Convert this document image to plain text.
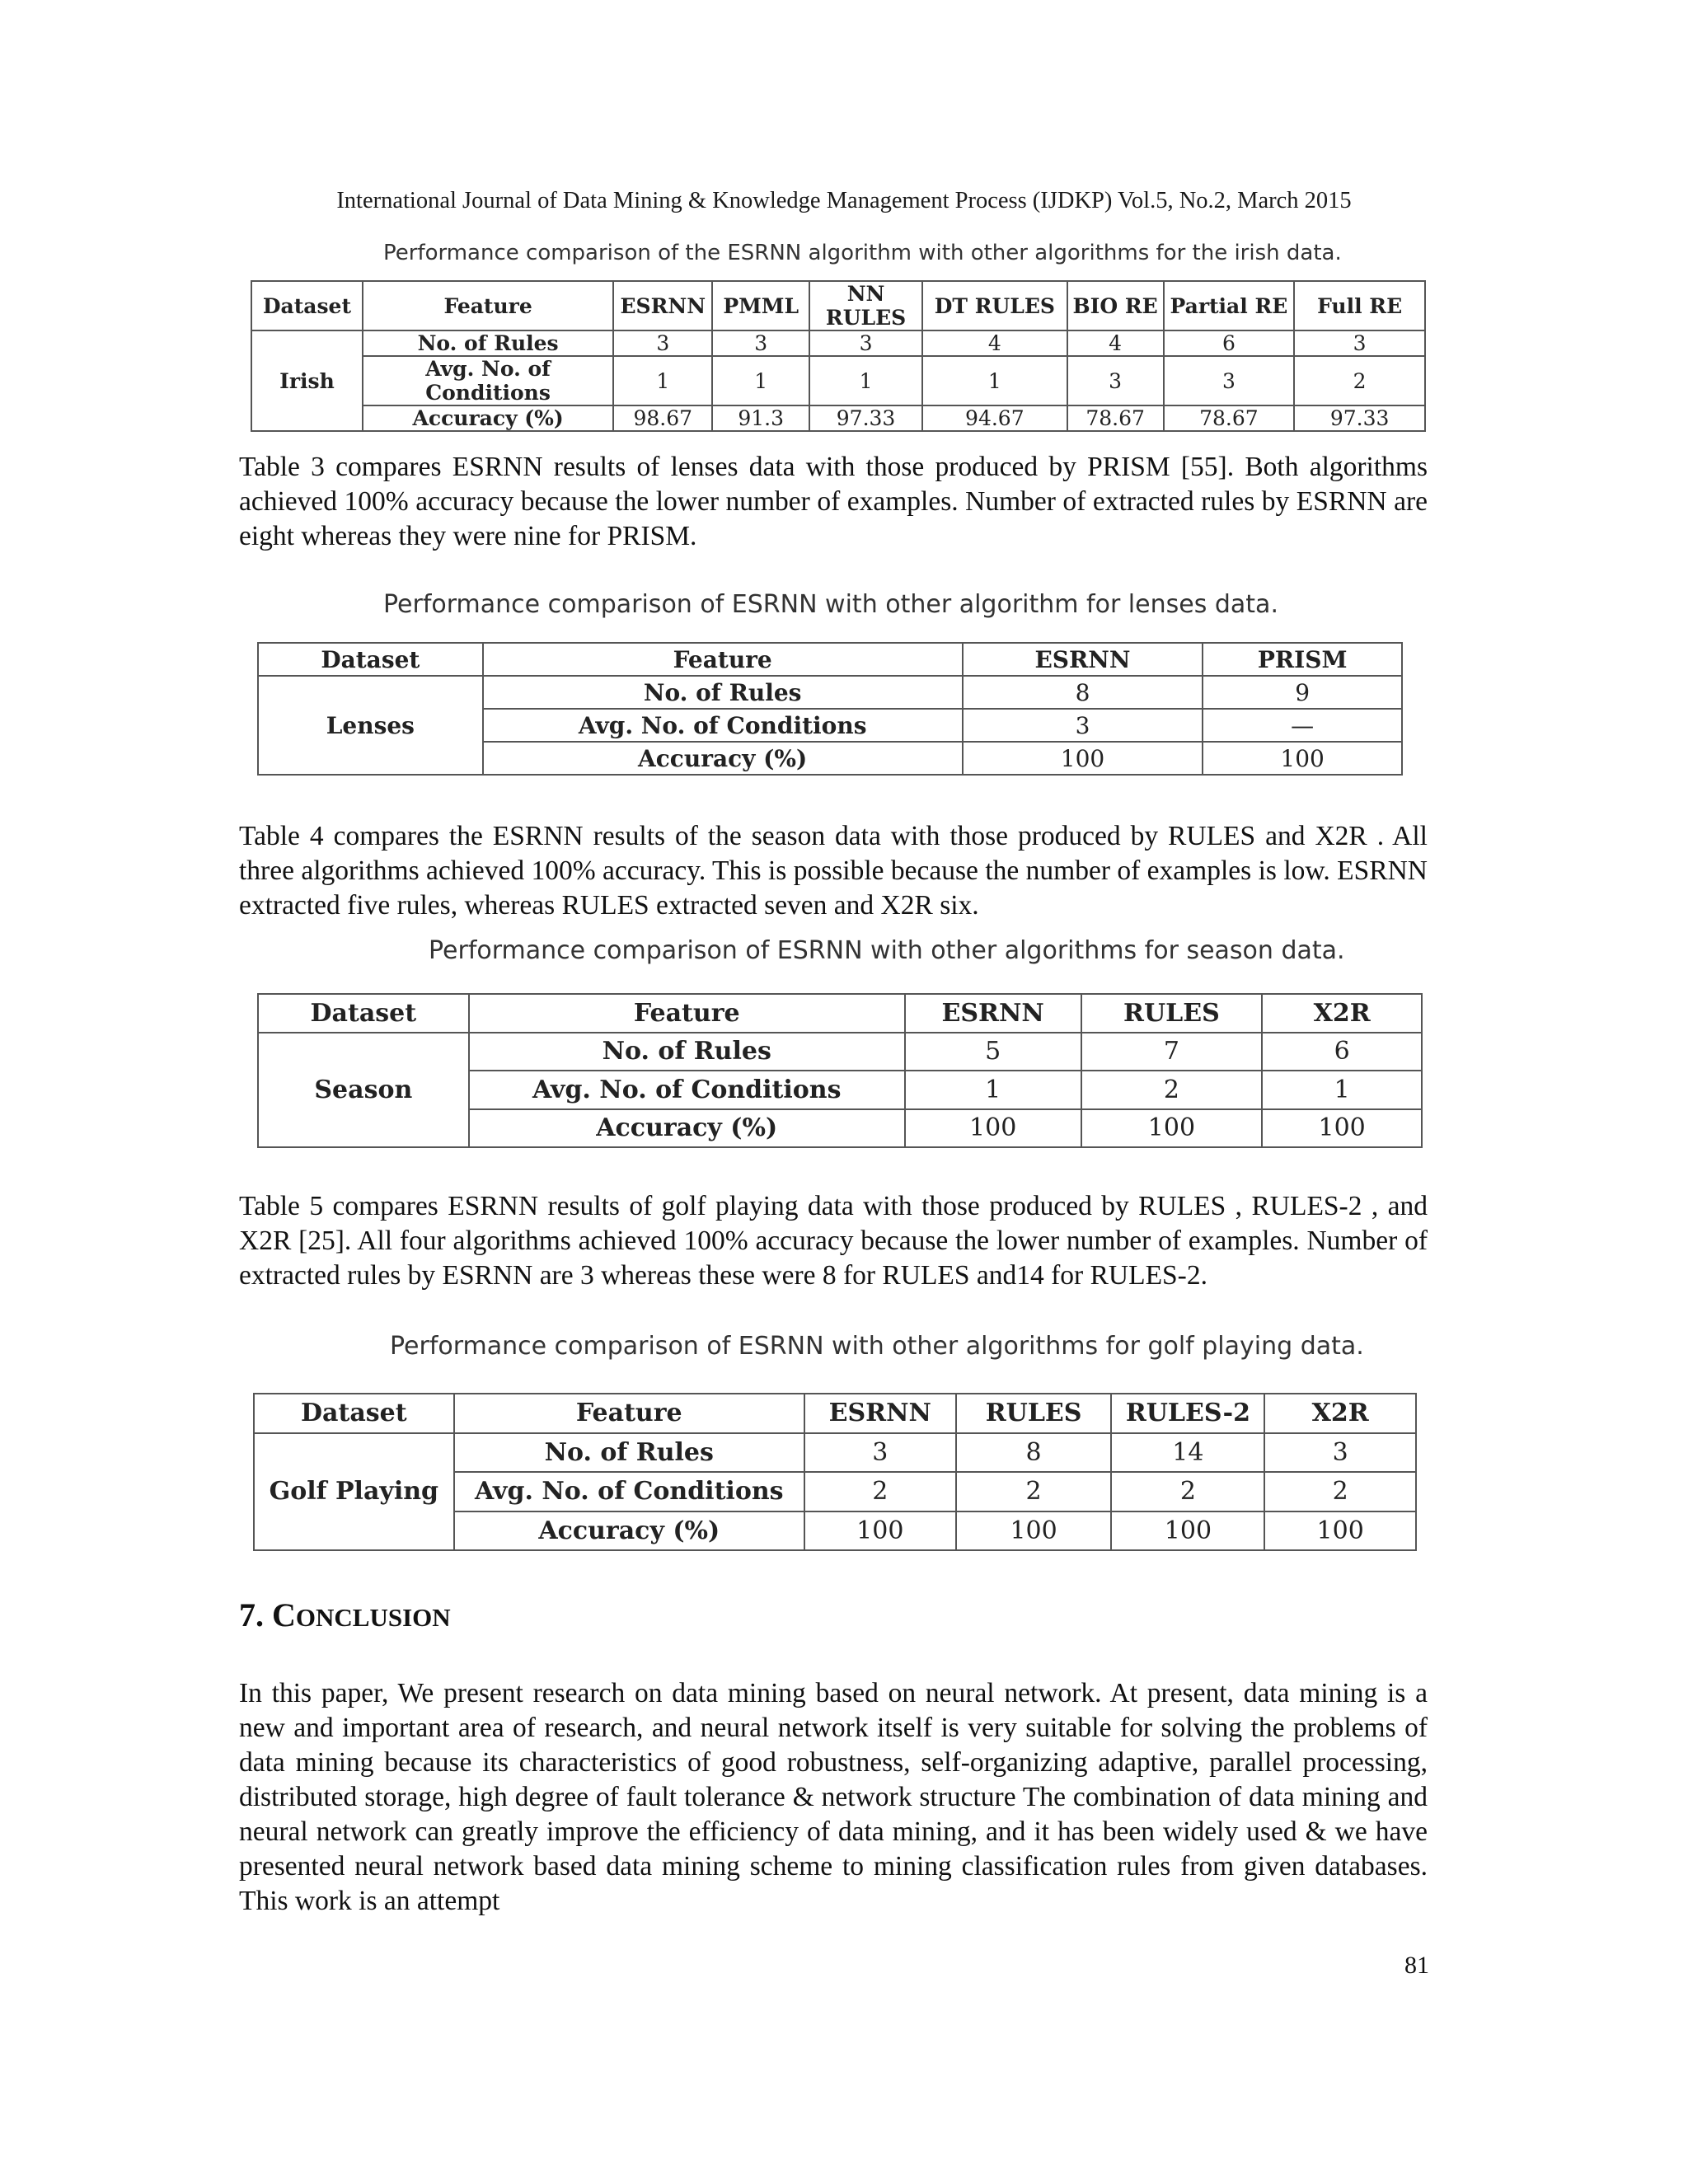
International Journal of Data Mining & Knowledge Management Process (IJDKP) Vol.5, No.2, March 2015
Performance comparison of the ESRNN algorithm with other algorithms for the irish data.
Dataset	Feature	ESRNN	PMML	NN RULES	DT RULES	BIO RE	Partial RE	Full RE
Irish	No. of Rules	3	3	3	4	4	6	3
	Avg. No. of Conditions	1	1	1	1	3	3	2
	Accuracy (%)	98.67	91.3	97.33	94.67	78.67	78.67	97.33
Table 3 compares ESRNN results of lenses data with those produced by PRISM [55]. Both algorithms achieved 100% accuracy because the lower number of examples. Number of extracted rules by ESRNN are eight whereas they were nine for PRISM.
Performance comparison of ESRNN with other algorithm for lenses data.
Dataset	Feature	ESRNN	PRISM
Lenses	No. of Rules	8	9
	Avg. No. of Conditions	3	—
	Accuracy (%)	100	100
Table 4 compares the ESRNN results of the season data with those produced by RULES and X2R . All three algorithms achieved 100% accuracy. This is possible because the number of examples is low. ESRNN extracted five rules, whereas RULES extracted seven and X2R six.
Performance comparison of ESRNN with other algorithms for season data.
Dataset	Feature	ESRNN	RULES	X2R
Season	No. of Rules	5	7	6
	Avg. No. of Conditions	1	2	1
	Accuracy (%)	100	100	100
Table 5 compares ESRNN results of golf playing data with those produced by RULES , RULES-2 , and X2R [25]. All four algorithms achieved 100% accuracy because the lower number of examples. Number of extracted rules by ESRNN are 3 whereas these were 8 for RULES and14 for RULES-2.
Performance comparison of ESRNN with other algorithms for golf playing data.
Dataset	Feature	ESRNN	RULES	RULES-2	X2R
Golf Playing	No. of Rules	3	8	14	3
	Avg. No. of Conditions	2	2	2	2
	Accuracy (%)	100	100	100	100
7. CONCLUSION
In this paper, We present research on data mining based on neural network. At present, data mining is a new and important area of research, and neural network itself is very suitable for solving the problems of data mining because its characteristics of good robustness, self-organizing adaptive, parallel processing, distributed storage, high degree of fault tolerance & network structure The combination of data mining and neural network can greatly improve the efficiency of data mining, and it has been widely used & we have presented neural network based data mining scheme to mining classification rules from given databases. This work is an attempt
81
